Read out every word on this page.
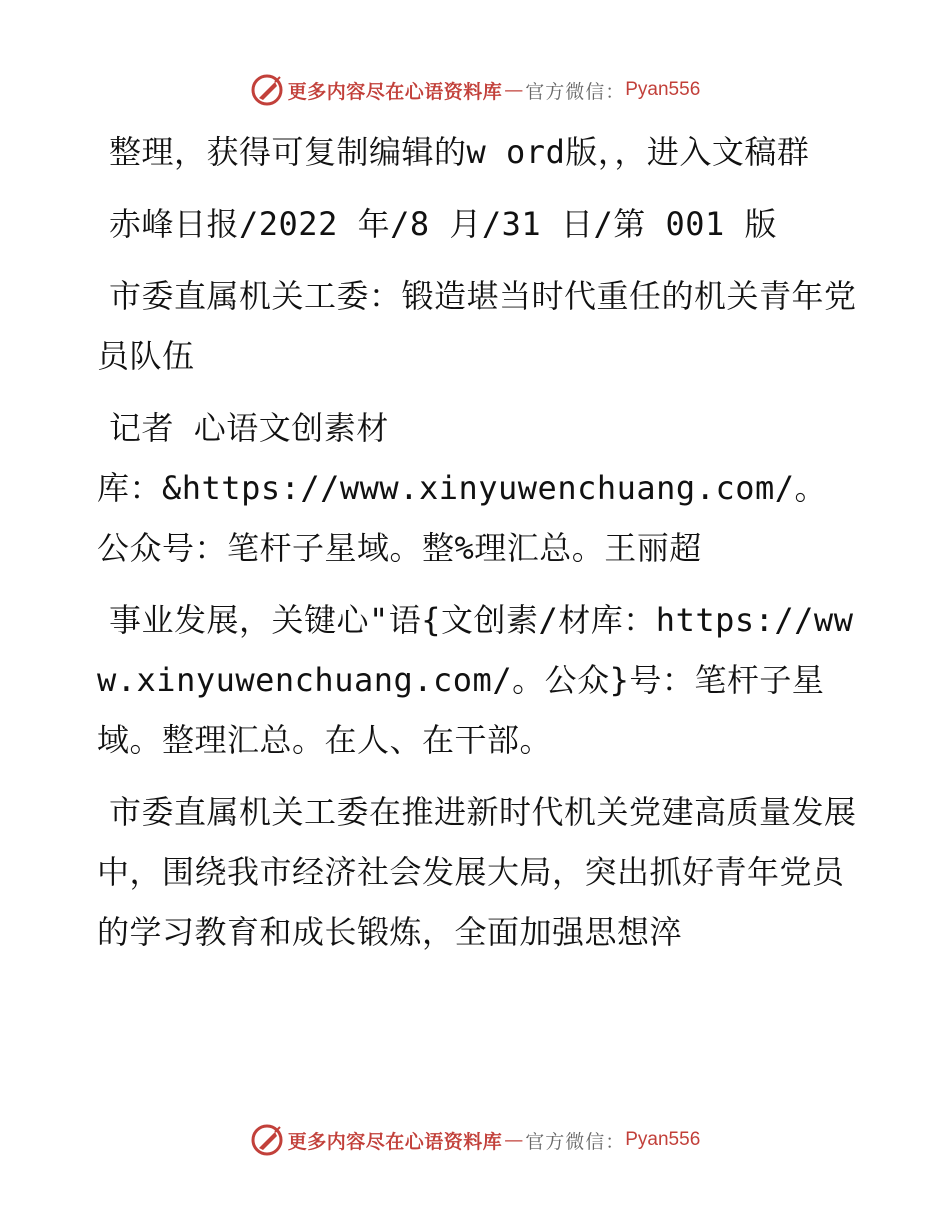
更多内容尽在心语资料库 — 官方微信： Pyan556

整理，获得可复制编辑的w ord版，，进入文稿群

赤峰日报/2022 年/8 月/31 日/第 001 版

市委直属机关工委：锻造堪当时代重任的机关青年党员队伍

记者 心语文创素材

库：&https://www.xinyuwenchuang.com/。公众号：笔杆子星域。整%理汇总。王丽超

事业发展，关键心"语{文创素/材库：https://www.xinyuwenchuang.com/。公众}号：笔杆子星域。整理汇总。在人、在干部。

市委直属机关工委在推进新时代机关党建高质量发展中，围绕我市经济社会发展大局，突出抓好青年党员的学习教育和成长锻炼，全面加强思想淬

更多内容尽在心语资料库 — 官方微信： Pyan556
